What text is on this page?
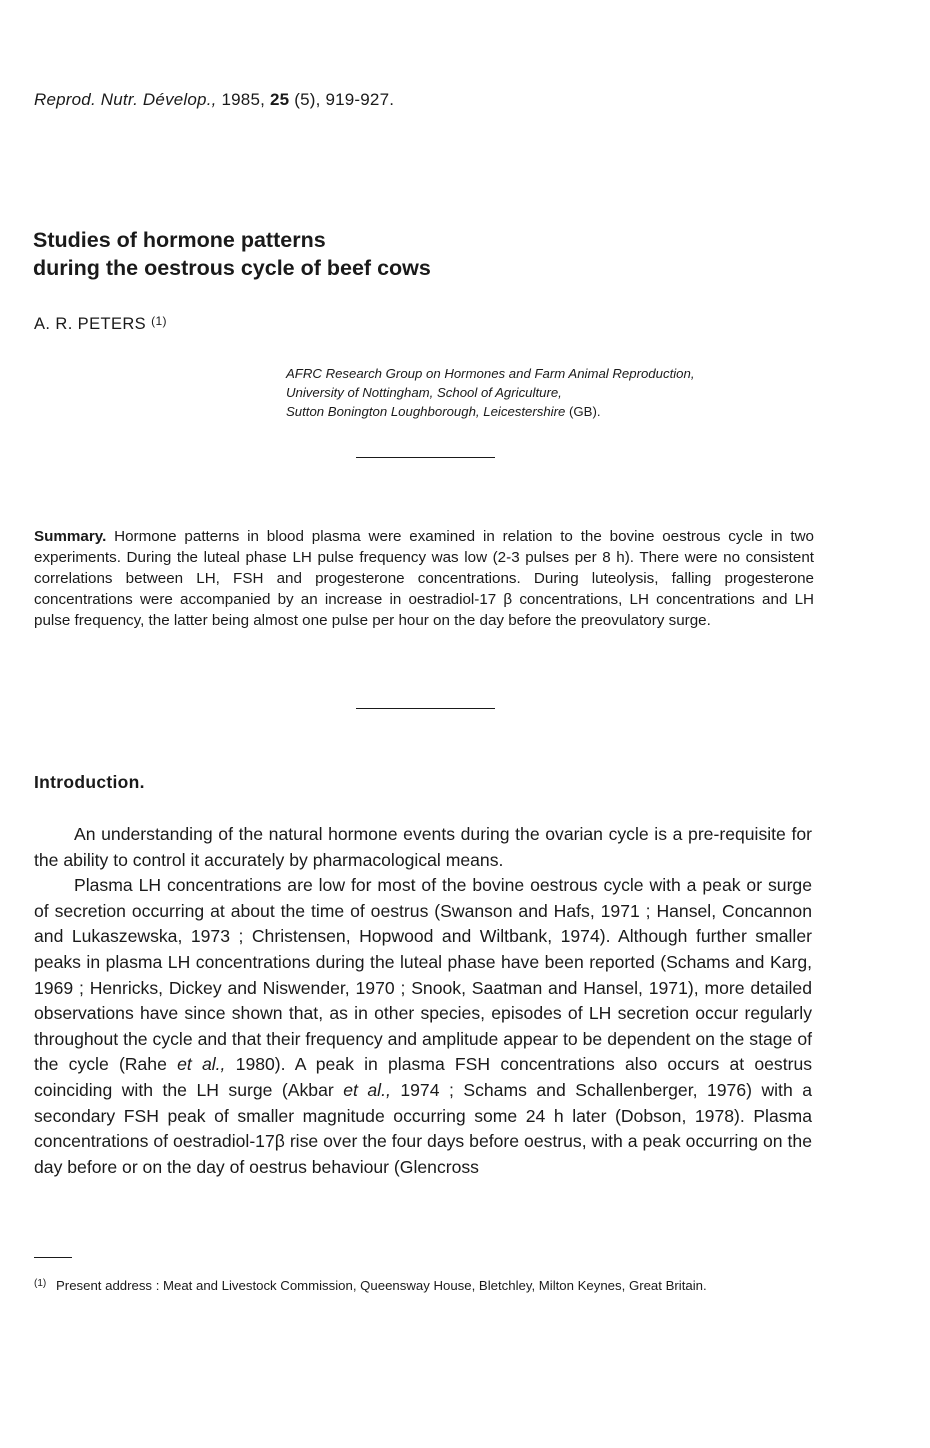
Reprod. Nutr. Dévelop., 1985, 25 (5), 919-927.
Studies of hormone patterns
during the oestrous cycle of beef cows
A. R. PETERS $^{(1)}$
AFRC Research Group on Hormones and Farm Animal Reproduction,
University of Nottingham, School of Agriculture,
Sutton Bonington Loughborough, Leicestershire (GB).

Summary. Hormone patterns in blood plasma were examined in relation to the bovine oestrous cycle in two experiments. During the luteal phase LH pulse frequency was low (2-3 pulses per 8 h). There were no consistent correlations between LH, FSH and progesterone concentrations. During luteolysis, falling progesterone concentrations were accompanied by an increase in oestradiol-17 β concentrations, LH concentrations and LH pulse frequency, the latter being almost one pulse per hour on the day before the preovulatory surge.

Introduction.

An understanding of the natural hormone events during the ovarian cycle is a pre-requisite for the ability to control it accurately by pharmacological means.

Plasma LH concentrations are low for most of the bovine oestrous cycle with a peak or surge of secretion occurring at about the time of oestrus (Swanson and Hafs, 1971 ; Hansel, Concannon and Lukaszewska, 1973 ; Christensen, Hopwood and Wiltbank, 1974). Although further smaller peaks in plasma LH concentrations during the luteal phase have been reported (Schams and Karg, 1969 ; Henricks, Dickey and Niswender, 1970 ; Snook, Saatman and Hansel, 1971), more detailed observations have since shown that, as in other species, episodes of LH secretion occur regularly throughout the cycle and that their frequency and amplitude appear to be dependent on the stage of the cycle (Rahe et al., 1980). A peak in plasma FSH concentrations also occurs at oestrus coinciding with the LH surge (Akbar et al., 1974 ; Schams and Schallenberger, 1976) with a secondary FSH peak of smaller magnitude occurring some 24 h later (Dobson, 1978). Plasma concentrations of oestradiol-17β rise over the four days before oestrus, with a peak occurring on the day before or on the day of oestrus behaviour (Glencross

(1) Present address : Meat and Livestock Commission, Queensway House, Bletchley, Milton Keynes, Great Britain.
